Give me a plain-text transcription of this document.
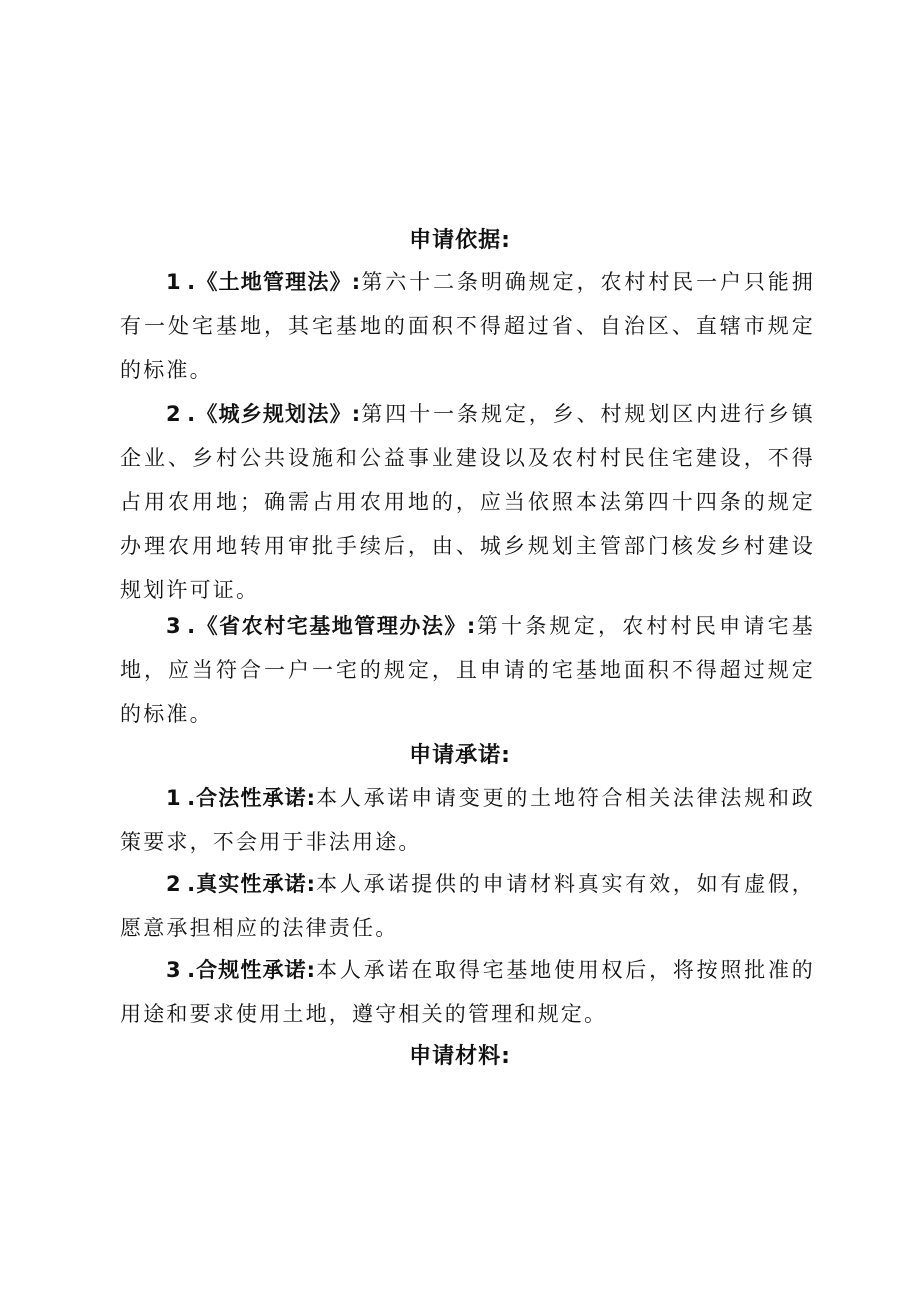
申请依据:
1 .《土地管理法》:第六十二条明确规定，农村村民一户只能拥有一处宅基地，其宅基地的面积不得超过省、自治区、直辖市规定的标准。
2 .《城乡规划法》:第四十一条规定，乡、村规划区内进行乡镇企业、乡村公共设施和公益事业建设以及农村村民住宅建设，不得占用农用地；确需占用农用地的，应当依照本法第四十四条的规定办理农用地转用审批手续后，由、城乡规划主管部门核发乡村建设规划许可证。
3 .《省农村宅基地管理办法》:第十条规定，农村村民申请宅基地，应当符合一户一宅的规定，且申请的宅基地面积不得超过规定的标准。
申请承诺:
1 .合法性承诺:本人承诺申请变更的土地符合相关法律法规和政策要求，不会用于非法用途。
2 .真实性承诺:本人承诺提供的申请材料真实有效，如有虚假，愿意承担相应的法律责任。
3 .合规性承诺:本人承诺在取得宅基地使用权后，将按照批准的用途和要求使用土地，遵守相关的管理和规定。
申请材料:
